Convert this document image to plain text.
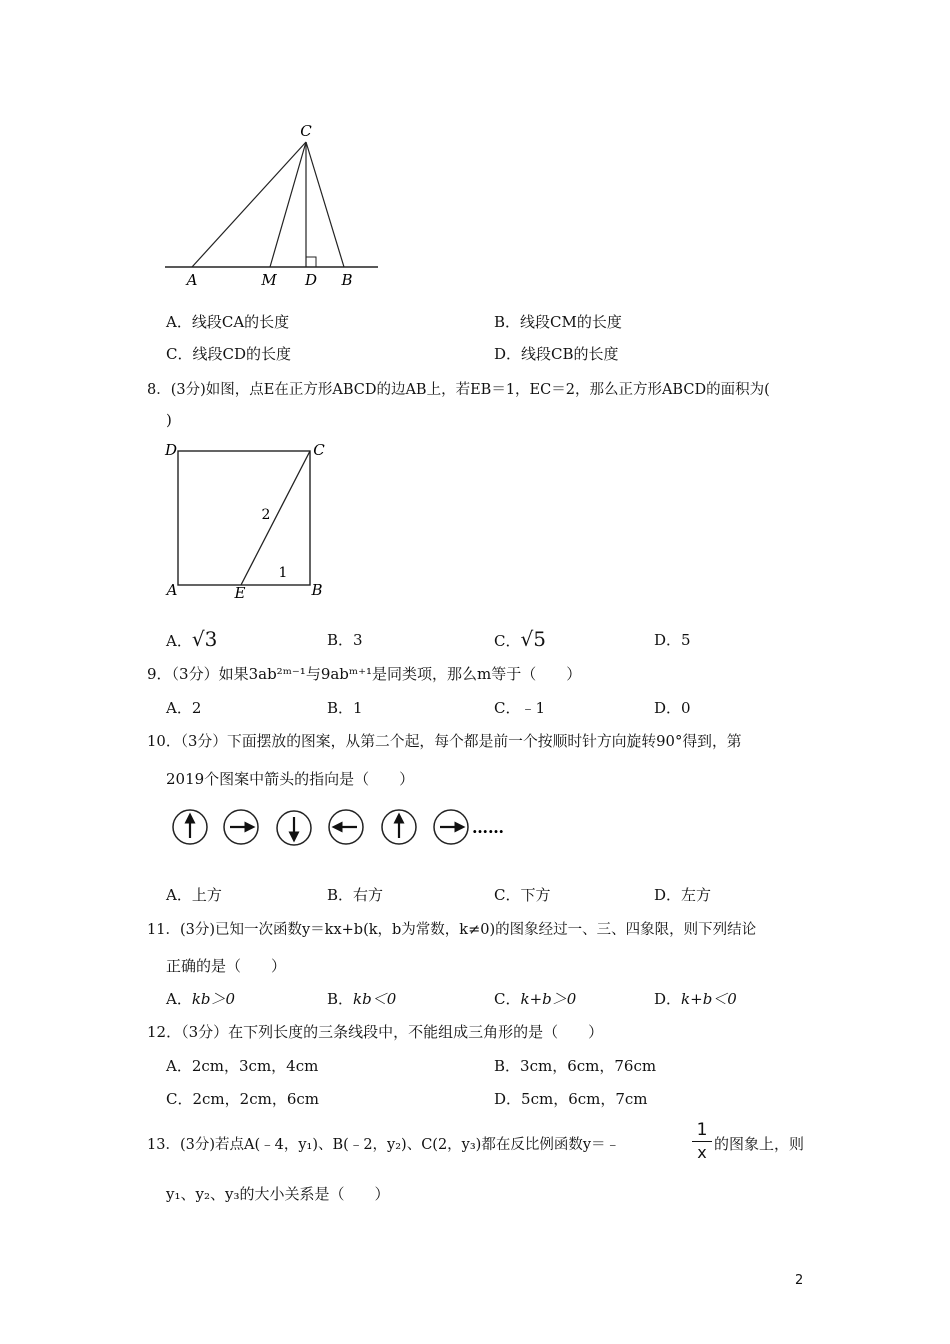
C
A	M D B
A．线段CA的长度	B．线段CM的长度
C．线段CD的长度	D．线段CB的长度
8．(3分)如图，点E在正方形ABCD的边AB上，若EB＝1，EC＝2，那么正方形ABCD的面积为(
)
D	C
A	E	B
2
1
A．√3	B．3	C．√5	D．5
9．（3分）如果3ab²ᵐ⁻¹与9abᵐ⁺¹是同类项，那么m等于（　　）
A．2	B．1	C．﹣1	D．0
10．（3分）下面摆放的图案，从第二个起，每个都是前一个按顺时针方向旋转90°得到，第
2019个图案中箭头的指向是（　　）
……
A．上方	B．右方	C．下方	D．左方
11．(3分)已知一次函数y＝kx+b(k，b为常数，k≠0)的图象经过一、三、四象限，则下列结论
正确的是（　　）
A．kb＞0	B．kb＜0	C．k+b＞0	D．k+b＜0
12．（3分）在下列长度的三条线段中，不能组成三角形的是（　　）
A．2cm，3cm，4cm	B．3cm，6cm，76cm
C．2cm，2cm，6cm	D．5cm，6cm，7cm
13．(3分)若点A(﹣4，y₁)、B(﹣2，y₂)、C(2，y₃)都在反比例函数y＝﹣
1
x 的图象上，则
y₁、y₂、y₃的大小关系是（　　）
2
